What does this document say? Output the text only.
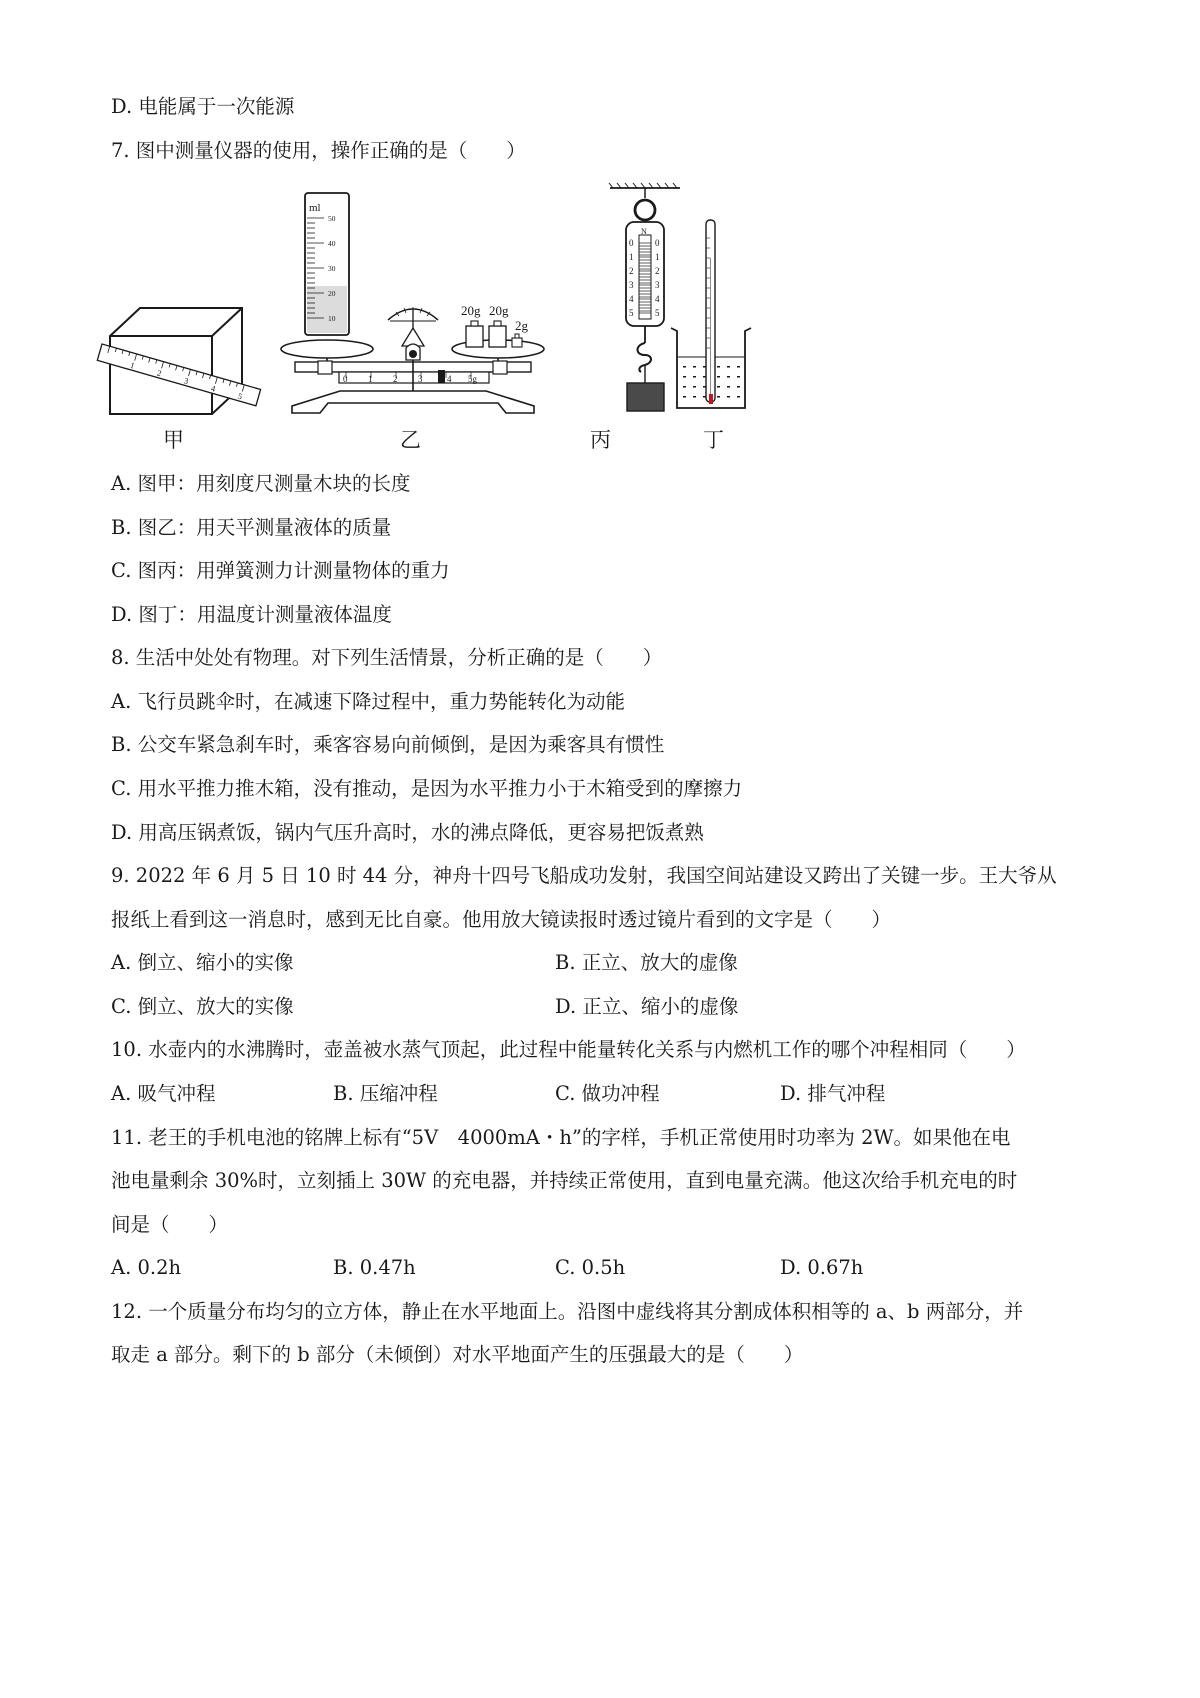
D. 电能属于一次能源
7. 图中测量仪器的使用，操作正确的是（　　）
1
2
3
4
5
甲
ml
50
40
30
20
10
20g 20g
2g
0 1 2 3	4 5g
乙
N
0
1
2
3
4
5
0
1
2
3
4
5
丙	丁
A. 图甲：用刻度尺测量木块的长度
B. 图乙：用天平测量液体的质量
C. 图丙：用弹簧测力计测量物体的重力
D. 图丁：用温度计测量液体温度
8. 生活中处处有物理。对下列生活情景，分析正确的是（　　）
A. 飞行员跳伞时，在减速下降过程中，重力势能转化为动能
B. 公交车紧急刹车时，乘客容易向前倾倒，是因为乘客具有惯性
C. 用水平推力推木箱，没有推动，是因为水平推力小于木箱受到的摩擦力
D. 用高压锅煮饭，锅内气压升高时，水的沸点降低，更容易把饭煮熟
9. 2022 年 6 月 5 日 10 时 44 分，神舟十四号飞船成功发射，我国空间站建设又跨出了关键一步。王大爷从
报纸上看到这一消息时，感到无比自豪。他用放大镜读报时透过镜片看到的文字是（　　）
A. 倒立、缩小的实像	B. 正立、放大的虚像
C. 倒立、放大的实像	D. 正立、缩小的虚像
10. 水壶内的水沸腾时，壶盖被水蒸气顶起，此过程中能量转化关系与内燃机工作的哪个冲程相同（　　）
A. 吸气冲程	B. 压缩冲程	C. 做功冲程	D. 排气冲程
11. 老王的手机电池的铭牌上标有“5V　4000mA・h”的字样，手机正常使用时功率为 2W。如果他在电
池电量剩余 30%时，立刻插上 30W 的充电器，并持续正常使用，直到电量充满。他这次给手机充电的时
间是（　　）
A. 0.2h	B. 0.47h	C. 0.5h	D. 0.67h
12. 一个质量分布均匀的立方体，静止在水平地面上。沿图中虚线将其分割成体积相等的 a、b 两部分，并
取走 a 部分。剩下的 b 部分（未倾倒）对水平地面产生的压强最大的是（　　）
